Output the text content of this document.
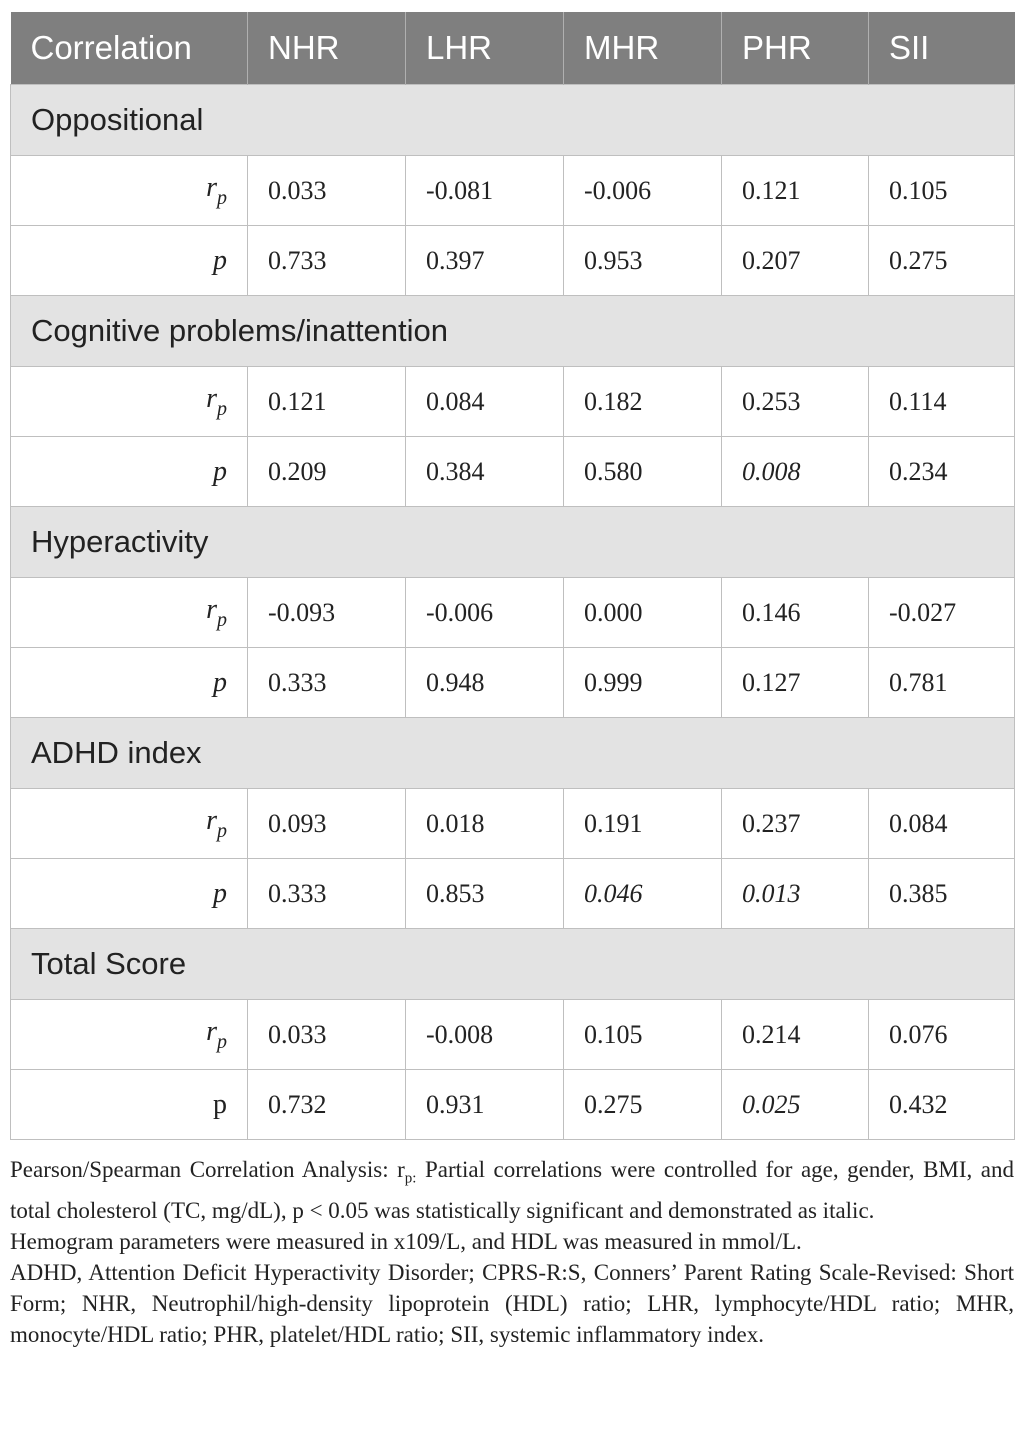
Correlation	NHR	LHR	MHR	PHR	SII
Oppositional					
$r_p$	0.033	-0.081	-0.006	0.121	0.105
p	0.733	0.397	0.953	0.207	0.275
Cognitive problems/inattention					
$r_p$	0.121	0.084	0.182	0.253	0.114
p	0.209	0.384	0.580	0.008	0.234
Hyperactivity					
$r_p$	-0.093	-0.006	0.000	0.146	-0.027
p	0.333	0.948	0.999	0.127	0.781
ADHD index					
$r_p$	0.093	0.018	0.191	0.237	0.084
p	0.333	0.853	0.046	0.013	0.385
Total Score					
$r_p$	0.033	-0.008	0.105	0.214	0.076
p	0.732	0.931	0.275	0.025	0.432

Pearson/Spearman Correlation Analysis: $r_{p:}$ Partial correlations were controlled for age, gender, BMI, and total cholesterol (TC, mg/dL), p < 0.05 was statistically significant and demonstrated as italic.

Hemogram parameters were measured in x109/L, and HDL was measured in mmol/L.

ADHD, Attention Deficit Hyperactivity Disorder; CPRS-R:S, Conners’ Parent Rating Scale-Revised: Short Form; NHR, Neutrophil/high-density lipoprotein (HDL) ratio; LHR, lymphocyte/HDL ratio; MHR, monocyte/HDL ratio; PHR, platelet/HDL ratio; SII, systemic inflammatory index.
